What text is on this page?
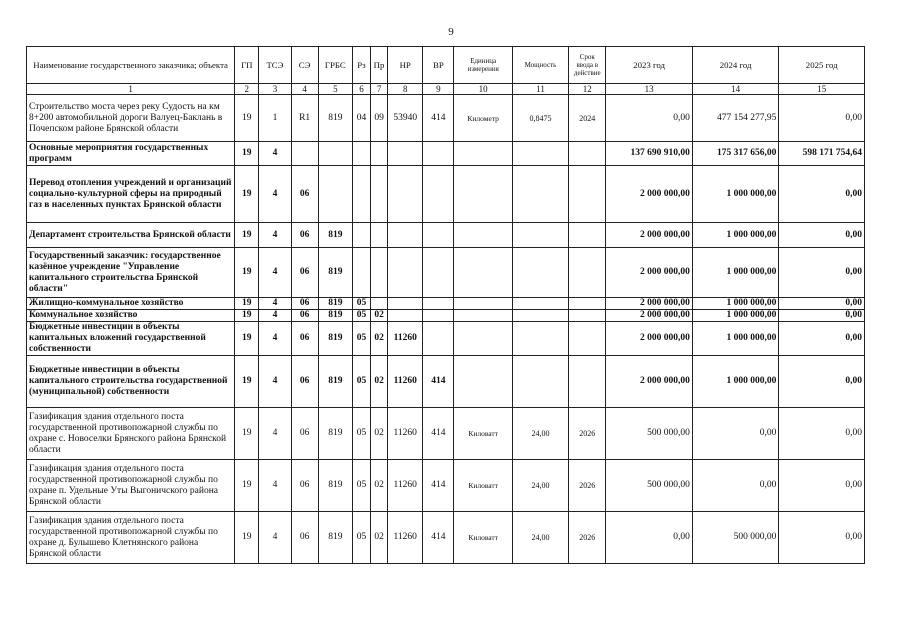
9
Наименование государственного заказчика; объекта	ГП	ТСЭ	СЭ	ГРБС	Рз	Пр	НР	ВР	Единица измерения	Мощность	Срок ввода в действие	2023 год	2024 год	2025 год
1	2	3	4	5	6	7	8	9	10	11	12	13	14	15
Строительство моста через реку Судость на км 8+200 автомобильной дороги Валуец-Баклань в Почепском районе Брянской области	19	1	R1	819	04	09	53940	414	Километр	0,8475	2024	0,00	477 154 277,95	0,00
Основные мероприятия государственных программ	19	4										137 690 910,00	175 317 656,00	598 171 754,64
Перевод отопления учреждений и организаций социально-культурной сферы на природный газ в населенных пунктах Брянской области	19	4	06									2 000 000,00	1 000 000,00	0,00
Департамент строительства Брянской области	19	4	06	819								2 000 000,00	1 000 000,00	0,00
Государственный заказчик: государственное казённое учреждение "Управление капитального строительства Брянской области"	19	4	06	819								2 000 000,00	1 000 000,00	0,00
Жилищно-коммунальное хозяйство	19	4	06	819	05							2 000 000,00	1 000 000,00	0,00
Коммунальное хозяйство	19	4	06	819	05	02						2 000 000,00	1 000 000,00	0,00
Бюджетные инвестиции в объекты капитальных вложений государственной собственности	19	4	06	819	05	02	11260					2 000 000,00	1 000 000,00	0,00
Бюджетные инвестиции в объекты капитального строительства государственной (муниципальной) собственности	19	4	06	819	05	02	11260	414				2 000 000,00	1 000 000,00	0,00
Газификация здания отдельного поста государственной противопожарной службы по охране с. Новоселки Брянского района Брянской области	19	4	06	819	05	02	11260	414	Киловатт	24,00	2026	500 000,00	0,00	0,00
Газификация здания отдельного поста государственной противопожарной службы по охране п. Удельные Уты Выгоничского района Брянской области	19	4	06	819	05	02	11260	414	Киловатт	24,00	2026	500 000,00	0,00	0,00
Газификация здания отдельного поста государственной противопожарной службы по охране д. Булышево Клетнянского района Брянской области	19	4	06	819	05	02	11260	414	Киловатт	24,00	2026	0,00	500 000,00	0,00
